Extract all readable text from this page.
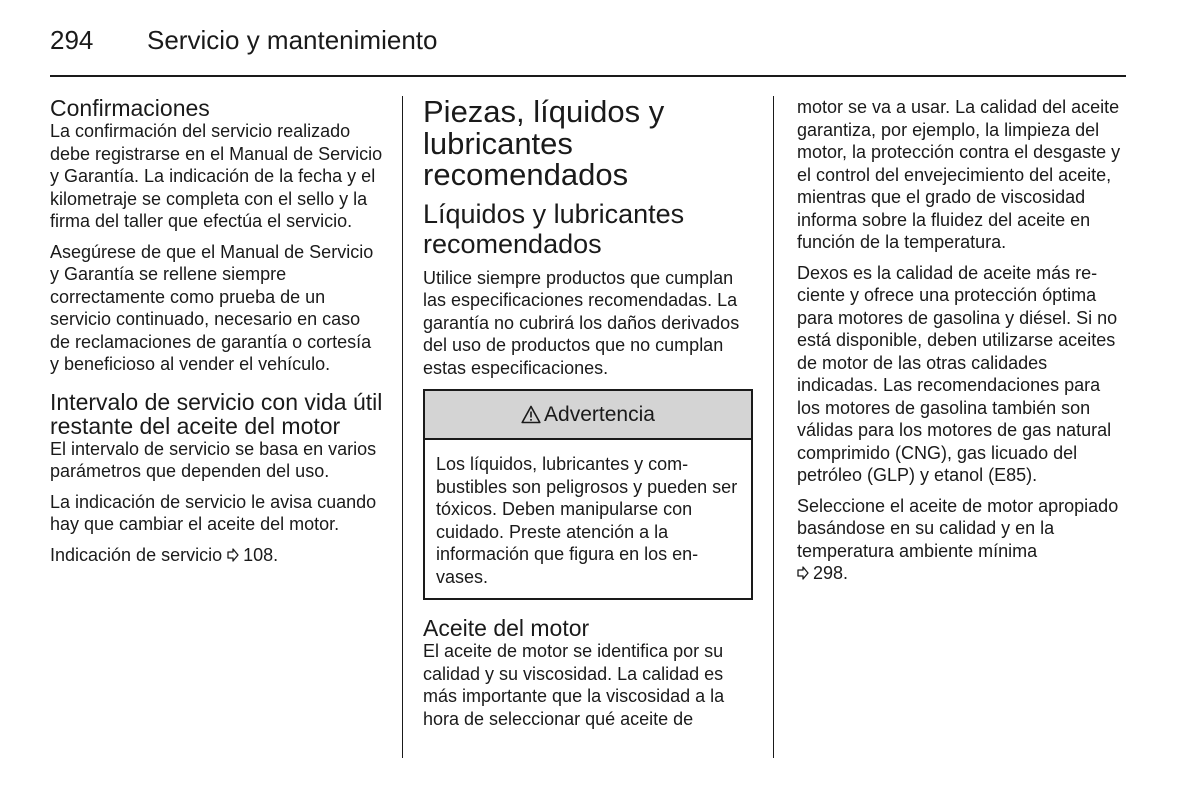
294 Servicio y mantenimiento
Confirmaciones

La confirmación del servicio realizado debe registrarse en el Manual de Servicio y Garantía. La indicación de la fecha y el kilometraje se completa con el sello y la firma del taller que efectúa el servicio.

Asegúrese de que el Manual de Servicio y Garantía se rellene siempre correctamente como prueba de un servicio continuado, necesario en caso de reclamaciones de garantía o cortesía y beneficioso al vender el vehículo.

Intervalo de servicio con vida útil restante del aceite del motor

El intervalo de servicio se basa en varios parámetros que dependen del uso.

La indicación de servicio le avisa cuando hay que cambiar el aceite del motor.

Indicación de servicio 108.

Piezas, líquidos y lubricantes recomendados
Líquidos y lubricantes recomendados

Utilice siempre productos que cumplan las especificaciones recomendadas. La garantía no cubrirá los daños derivados del uso de productos que no cumplan estas especificaciones.

Advertencia

Los líquidos, lubricantes y combustibles son peligrosos y pueden ser tóxicos. Deben manipularse con cuidado. Preste atención a la información que figura en los envases.

Aceite del motor

El aceite de motor se identifica por su calidad y su viscosidad. La calidad es más importante que la viscosidad a la hora de seleccionar qué aceite de

motor se va a usar. La calidad del aceite garantiza, por ejemplo, la limpieza del motor, la protección contra el desgaste y el control del envejecimiento del aceite, mientras que el grado de viscosidad informa sobre la fluidez del aceite en función de la temperatura.

Dexos es la calidad de aceite más reciente y ofrece una protección óptima para motores de gasolina y diésel. Si no está disponible, deben utilizarse aceites de motor de las otras calidades indicadas. Las recomendaciones para los motores de gasolina también son válidas para los motores de gas natural comprimido (CNG), gas licuado del petróleo (GLP) y etanol (E85).

Seleccione el aceite de motor apropiado basándose en su calidad y en la temperatura ambiente mínima
298.
